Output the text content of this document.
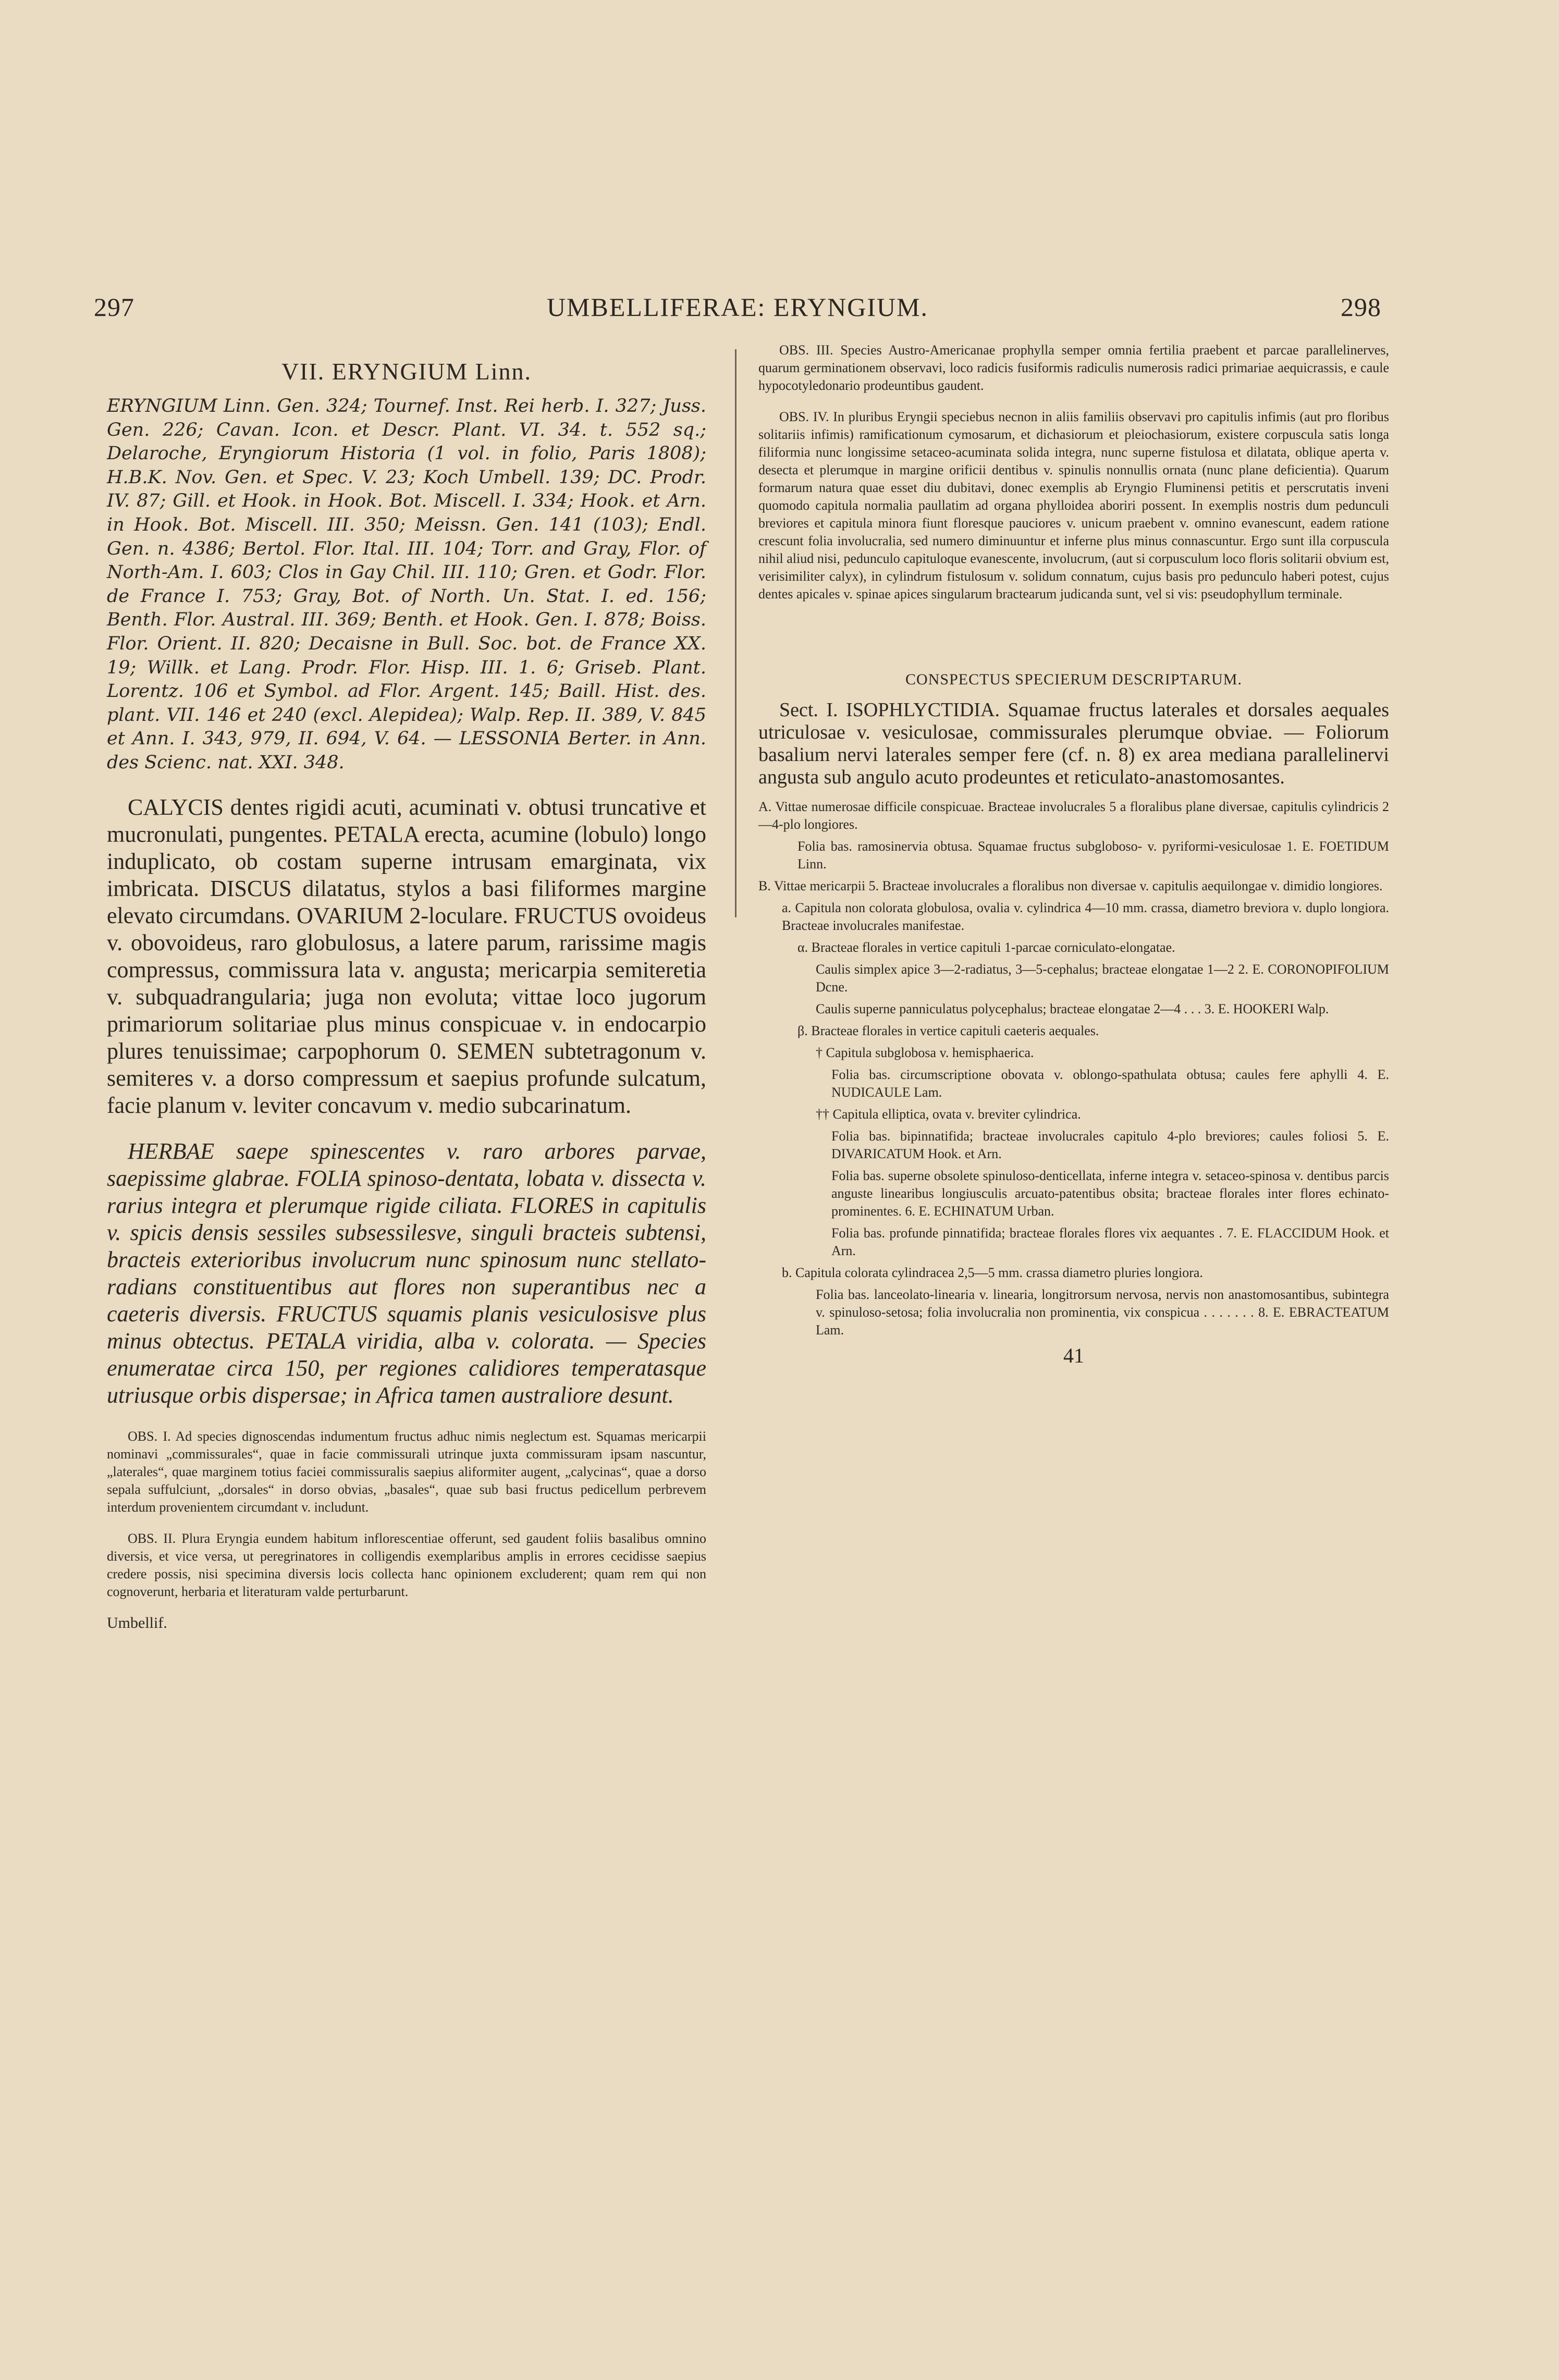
297	UMBELLIFERAE: ERYNGIUM.	298

VII. ERYNGIUM Linn.

ERYNGIUM Linn. Gen. 324; Tournef. Inst. Rei herb. I. 327; Juss. Gen. 226; Cavan. Icon. et Descr. Plant. VI. 34. t. 552 sq.; Delaroche, Eryngiorum Historia (1 vol. in folio, Paris 1808); H.B.K. Nov. Gen. et Spec. V. 23; Koch Umbell. 139; DC. Prodr. IV. 87; Gill. et Hook. in Hook. Bot. Miscell. I. 334; Hook. et Arn. in Hook. Bot. Miscell. III. 350; Meissn. Gen. 141 (103); Endl. Gen. n. 4386; Bertol. Flor. Ital. III. 104; Torr. and Gray, Flor. of North-Am. I. 603; Clos in Gay Chil. III. 110; Gren. et Godr. Flor. de France I. 753; Gray, Bot. of North. Un. Stat. I. ed. 156; Benth. Flor. Austral. III. 369; Benth. et Hook. Gen. I. 878; Boiss. Flor. Orient. II. 820; Decaisne in Bull. Soc. bot. de France XX. 19; Willk. et Lang. Prodr. Flor. Hisp. III. 1. 6; Griseb. Plant. Lorentz. 106 et Symbol. ad Flor. Argent. 145; Baill. Hist. des. plant. VII. 146 et 240 (excl. Alepidea); Walp. Rep. II. 389, V. 845 et Ann. I. 343, 979, II. 694, V. 64. — LESSONIA Berter. in Ann. des Scienc. nat. XXI. 348.

CALYCIS dentes rigidi acuti, acuminati v. obtusi truncative et mucronulati, pungentes. PETALA erecta, acumine (lobulo) longo induplicato, ob costam superne intrusam emarginata, vix imbricata. DISCUS dilatatus, stylos a basi filiformes margine elevato circumdans. OVARIUM 2-loculare. FRUCTUS ovoideus v. obovoideus, raro globulosus, a latere parum, rarissime magis compressus, commissura lata v. angusta; mericarpia semiteretia v. subquadrangularia; juga non evoluta; vittae loco jugorum primariorum solitariae plus minus conspicuae v. in endocarpio plures tenuissimae; carpophorum 0. SEMEN subtetragonum v. semiteres v. a dorso compressum et saepius profunde sulcatum, facie planum v. leviter concavum v. medio subcarinatum.

HERBAE saepe spinescentes v. raro arbores parvae, saepissime glabrae. FOLIA spinoso-dentata, lobata v. dissecta v. rarius integra et plerumque rigide ciliata. FLORES in capitulis v. spicis densis sessiles subsessilesve, singuli bracteis subtensi, bracteis exterioribus involucrum nunc spinosum nunc stellato-radians constituentibus aut flores non superantibus nec a caeteris diversis. FRUCTUS squamis planis vesiculosisve plus minus obtectus. PETALA viridia, alba v. colorata. — Species enumeratae circa 150, per regiones calidiores temperatasque utriusque orbis dispersae; in Africa tamen australiore desunt.

OBS. I. Ad species dignoscendas indumentum fructus adhuc nimis neglectum est. Squamas mericarpii nominavi „commissurales“, quae in facie commissurali utrinque juxta commissuram ipsam nascuntur, „laterales“, quae marginem totius faciei commissuralis saepius aliformiter augent, „calycinas“, quae a dorso sepala suffulciunt, „dorsales“ in dorso obvias, „basales“, quae sub basi fructus pedicellum perbrevem interdum provenientem circumdant v. includunt.

OBS. II. Plura Eryngia eundem habitum inflorescentiae offerunt, sed gaudent foliis basalibus omnino diversis, et vice versa, ut peregrinatores in colligendis exemplaribus amplis in errores cecidisse saepius credere possis, nisi specimina diversis locis collecta hanc opinionem excluderent; quam rem qui non cognoverunt, herbaria et literaturam valde perturbarunt.

Umbellif.

OBS. III. Species Austro-Americanae prophylla semper omnia fertilia praebent et parcae parallelinerves, quarum germinationem observavi, loco radicis fusiformis radiculis numerosis radici primariae aequicrassis, e caule hypocotyledonario prodeuntibus gaudent.

OBS. IV. In pluribus Eryngii speciebus necnon in aliis familiis observavi pro capitulis infimis (aut pro floribus solitariis infimis) ramificationum cymosarum, et dichasiorum et pleiochasiorum, existere corpuscula satis longa filiformia nunc longissime setaceo-acuminata solida integra, nunc superne fistulosa et dilatata, oblique aperta v. desecta et plerumque in margine orificii dentibus v. spinulis nonnullis ornata (nunc plane deficientia). Quarum formarum natura quae esset diu dubitavi, donec exemplis ab Eryngio Fluminensi petitis et perscrutatis inveni quomodo capitula normalia paullatim ad organa phylloidea aboriri possent. In exemplis nostris dum pedunculi breviores et capitula minora fiunt floresque pauciores v. unicum praebent v. omnino evanescunt, eadem ratione crescunt folia involucralia, sed numero diminuuntur et inferne plus minus connascuntur. Ergo sunt illa corpuscula nihil aliud nisi, pedunculo capituloque evanescente, involucrum, (aut si corpusculum loco floris solitarii obvium est, verisimiliter calyx), in cylindrum fistulosum v. solidum connatum, cujus basis pro pedunculo haberi potest, cujus dentes apicales v. spinae apices singularum bractearum judicanda sunt, vel si vis: pseudophyllum terminale.

CONSPECTUS SPECIERUM DESCRIPTARUM.

Sect. I. ISOPHLYCTIDIA. Squamae fructus laterales et dorsales aequales utriculosae v. vesiculosae, commissurales plerumque obviae. — Foliorum basalium nervi laterales semper fere (cf. n. 8) ex area mediana parallelinervi angusta sub angulo acuto prodeuntes et reticulato-anastomosantes.

A. Vittae numerosae difficile conspicuae. Bracteae involucrales 5 a floralibus plane diversae, capitulis cylindricis 2—4-plo longiores.

Folia bas. ramosinervia obtusa. Squamae fructus subgloboso- v. pyriformi-vesiculosae 1. E. FOETIDUM Linn.

B. Vittae mericarpii 5. Bracteae involucrales a floralibus non diversae v. capitulis aequilongae v. dimidio longiores.

a. Capitula non colorata globulosa, ovalia v. cylindrica 4—10 mm. crassa, diametro breviora v. duplo longiora. Bracteae involucrales manifestae.

α. Bracteae florales in vertice capituli 1-parcae corniculato-elongatae.

Caulis simplex apice 3—2-radiatus, 3—5-cephalus; bracteae elongatae 1—2 2. E. CORONOPIFOLIUM Dcne.

Caulis superne panniculatus polycephalus; bracteae elongatae 2—4 . . . 3. E. HOOKERI Walp.

β. Bracteae florales in vertice capituli caeteris aequales.

† Capitula subglobosa v. hemisphaerica.

Folia bas. circumscriptione obovata v. oblongo-spathulata obtusa; caules fere aphylli 4. E. NUDICAULE Lam.

†† Capitula elliptica, ovata v. breviter cylindrica.

Folia bas. bipinnatifida; bracteae involucrales capitulo 4-plo breviores; caules foliosi 5. E. DIVARICATUM Hook. et Arn.

Folia bas. superne obsolete spinuloso-denticellata, inferne integra v. setaceo-spinosa v. dentibus parcis anguste linearibus longiusculis arcuato-patentibus obsita; bracteae florales inter flores echinato-prominentes. 6. E. ECHINATUM Urban.

Folia bas. profunde pinnatifida; bracteae florales flores vix aequantes . 7. E. FLACCIDUM Hook. et Arn.

b. Capitula colorata cylindracea 2,5—5 mm. crassa diametro pluries longiora.

Folia bas. lanceolato-linearia v. linearia, longitrorsum nervosa, nervis non anastomosantibus, subintegra v. spinuloso-setosa; folia involucralia non prominentia, vix conspicua . . . . . . . 8. E. EBRACTEATUM Lam.

41
